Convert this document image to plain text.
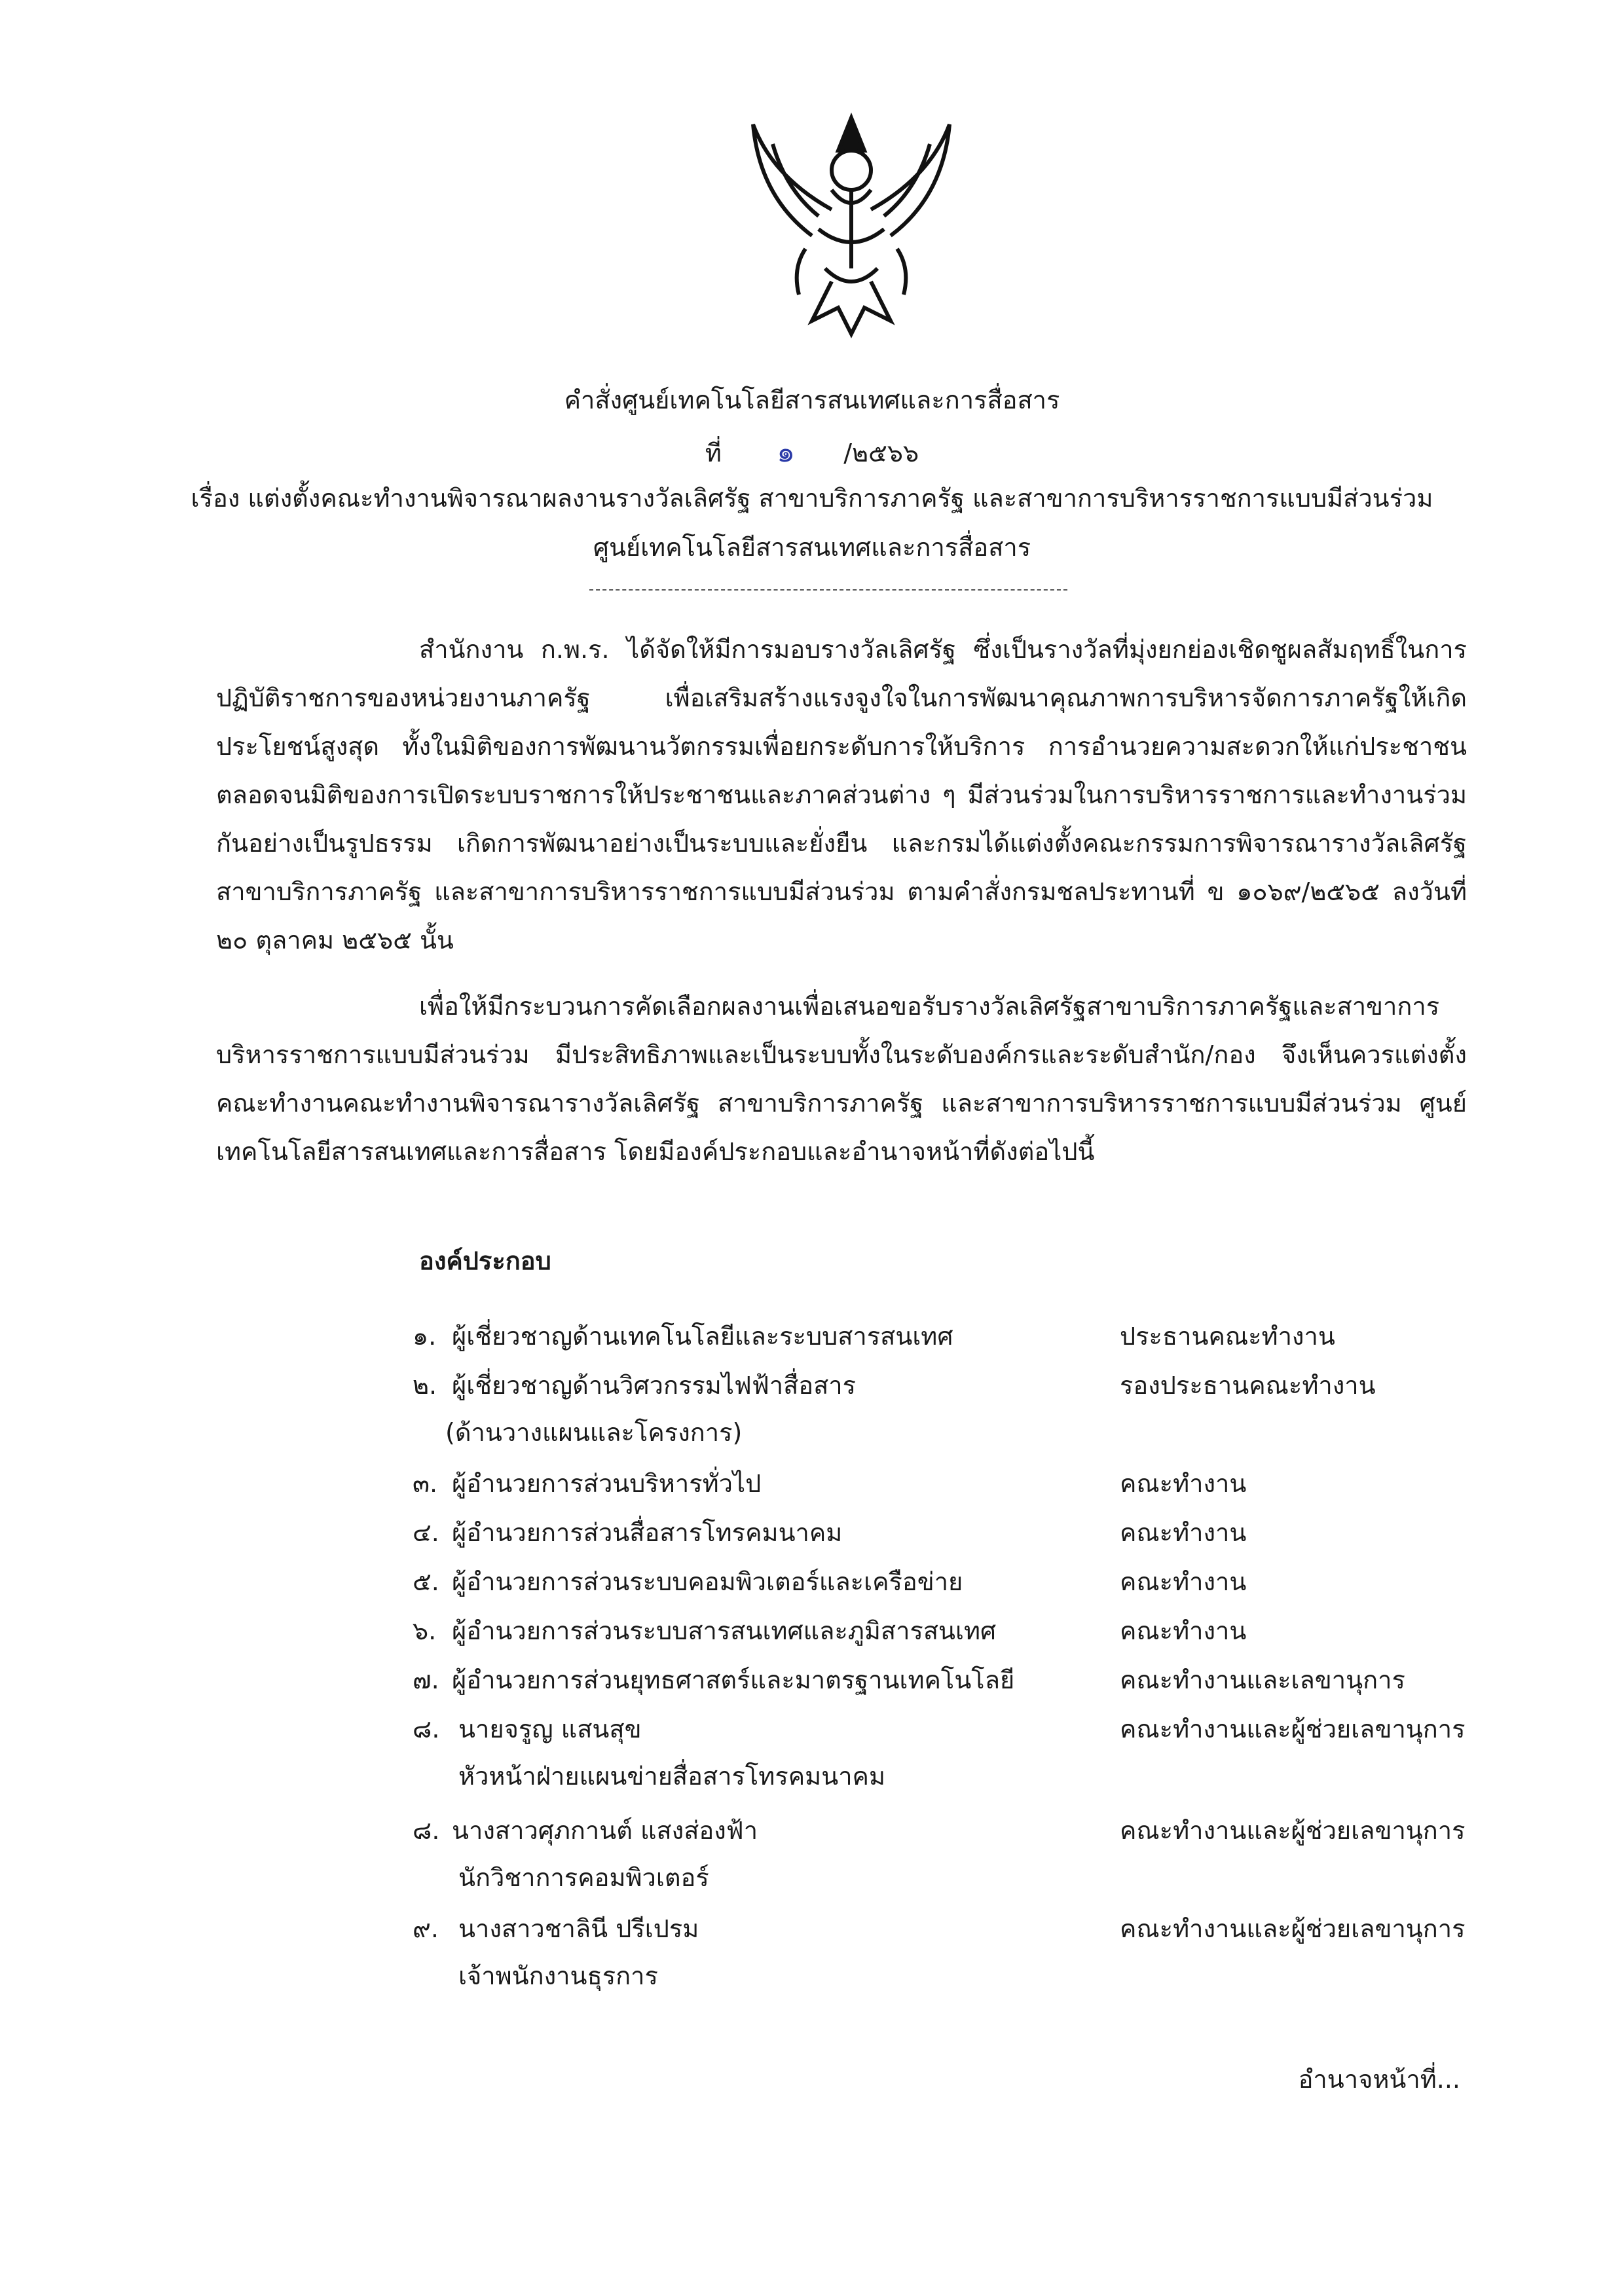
คำสั่งศูนย์เทคโนโลยีสารสนเทศและการสื่อสาร
ที่ ๑ /๒๕๖๖
เรื่อง แต่งตั้งคณะทำงานพิจารณาผลงานรางวัลเลิศรัฐ สาขาบริการภาครัฐ และสาขาการบริหารราชการแบบมีส่วนร่วม
ศูนย์เทคโนโลยีสารสนเทศและการสื่อสาร

สำนักงาน ก.พ.ร. ได้จัดให้มีการมอบรางวัลเลิศรัฐ ซึ่งเป็นรางวัลที่มุ่งยกย่องเชิดชูผลสัมฤทธิ์ในการปฏิบัติราชการของหน่วยงานภาครัฐ เพื่อเสริมสร้างแรงจูงใจในการพัฒนาคุณภาพการบริหารจัดการภาครัฐให้เกิดประโยชน์สูงสุด ทั้งในมิติของการพัฒนานวัตกรรมเพื่อยกระดับการให้บริการ การอำนวยความสะดวกให้แก่ประชาชน ตลอดจนมิติของการเปิดระบบราชการให้ประชาชนและภาคส่วนต่าง ๆ มีส่วนร่วมในการบริหารราชการและทำงานร่วมกันอย่างเป็นรูปธรรม เกิดการพัฒนาอย่างเป็นระบบและยั่งยืน และกรมได้แต่งตั้งคณะกรรมการพิจารณารางวัลเลิศรัฐ สาขาบริการภาครัฐ และสาขาการบริหารราชการแบบมีส่วนร่วม ตามคำสั่งกรมชลประทานที่ ข ๑๐๖๙/๒๕๖๕ ลงวันที่ ๒๐ ตุลาคม ๒๕๖๕ นั้น

เพื่อให้มีกระบวนการคัดเลือกผลงานเพื่อเสนอขอรับรางวัลเลิศรัฐสาขาบริการภาครัฐและสาขาการบริหารราชการแบบมีส่วนร่วม มีประสิทธิภาพและเป็นระบบทั้งในระดับองค์กรและระดับสำนัก/กอง จึงเห็นควรแต่งตั้งคณะทำงานคณะทำงานพิจารณารางวัลเลิศรัฐ สาขาบริการภาครัฐ และสาขาการบริหารราชการแบบมีส่วนร่วม ศูนย์เทคโนโลยีสารสนเทศและการสื่อสาร โดยมีองค์ประกอบและอำนาจหน้าที่ดังต่อไปนี้

องค์ประกอบ
๑. ผู้เชี่ยวชาญด้านเทคโนโลยีและระบบสารสนเทศ	ประธานคณะทำงาน
๒. ผู้เชี่ยวชาญด้านวิศวกรรมไฟฟ้าสื่อสาร	รองประธานคณะทำงาน
(ด้านวางแผนและโครงการ)
๓. ผู้อำนวยการส่วนบริหารทั่วไป	คณะทำงาน
๔. ผู้อำนวยการส่วนสื่อสารโทรคมนาคม	คณะทำงาน
๕. ผู้อำนวยการส่วนระบบคอมพิวเตอร์และเครือข่าย	คณะทำงาน
๖. ผู้อำนวยการส่วนระบบสารสนเทศและภูมิสารสนเทศ	คณะทำงาน
๗. ผู้อำนวยการส่วนยุทธศาสตร์และมาตรฐานเทคโนโลยี	คณะทำงานและเลขานุการ
๘. นายจรูญ แสนสุข	คณะทำงานและผู้ช่วยเลขานุการ
หัวหน้าฝ่ายแผนข่ายสื่อสารโทรคมนาคม
๘. นางสาวศุภกานต์ แสงส่องฟ้า	คณะทำงานและผู้ช่วยเลขานุการ
นักวิชาการคอมพิวเตอร์
๙. นางสาวชาลินี ปรีเปรม	คณะทำงานและผู้ช่วยเลขานุการ
เจ้าพนักงานธุรการ
อำนาจหน้าที่...
